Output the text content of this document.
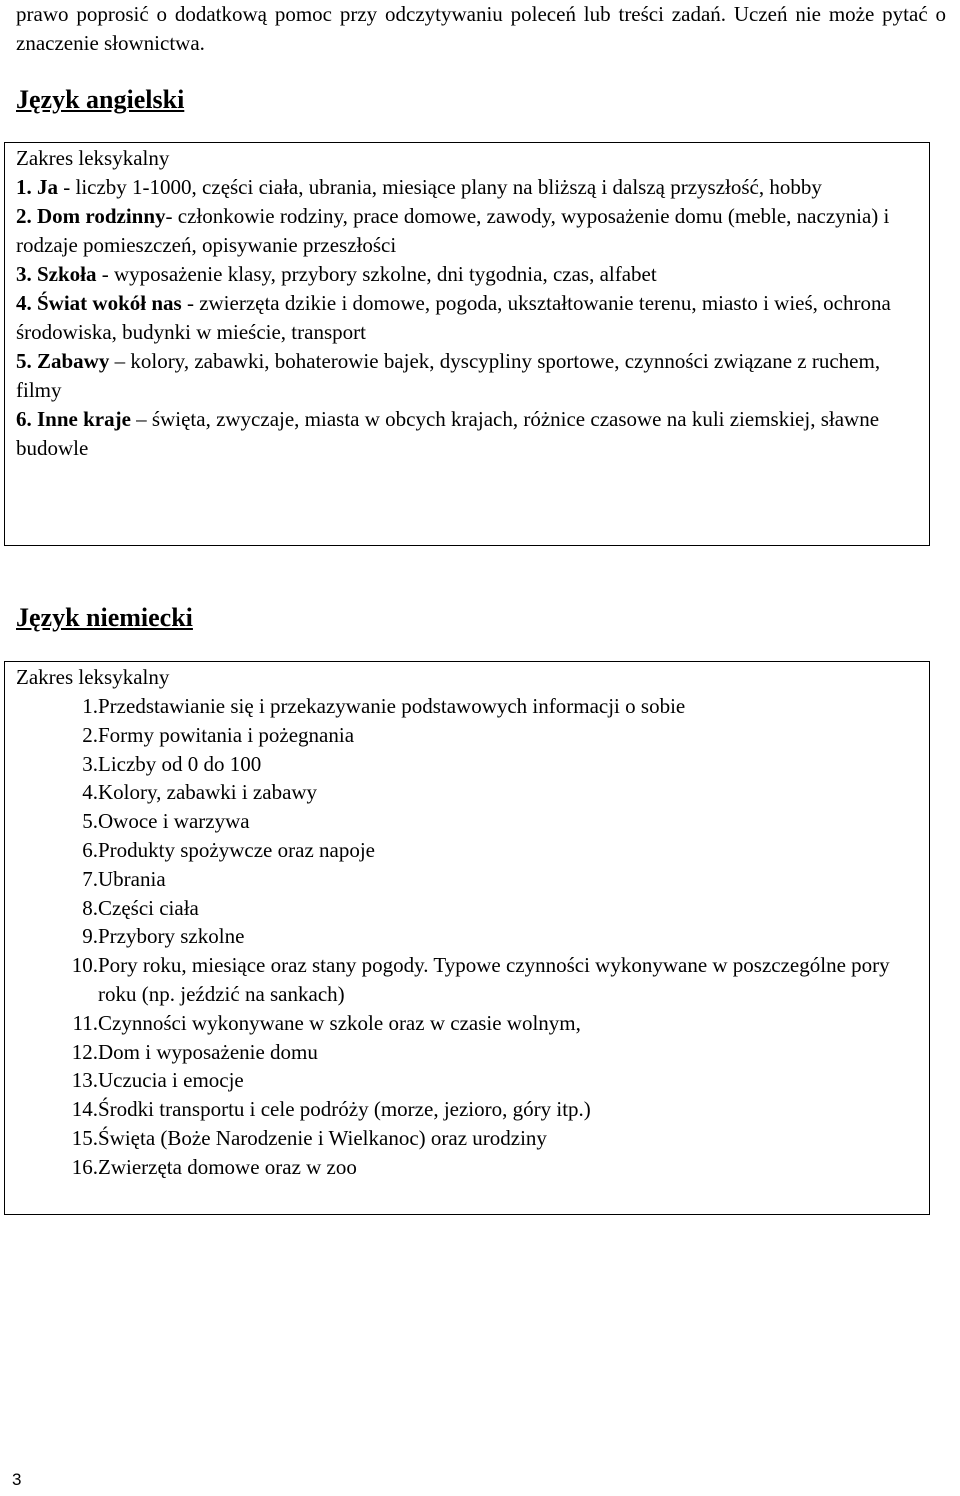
prawo poprosić o dodatkową pomoc przy odczytywaniu poleceń lub treści zadań. Uczeń nie może pytać o znaczenie słownictwa.

Język angielski
Zakres leksykalny
1. Ja - liczby 1-1000, części ciała, ubrania, miesiące plany na bliższą i dalszą przyszłość, hobby
2. Dom rodzinny- członkowie rodziny, prace domowe, zawody, wyposażenie domu (meble, naczynia) i rodzaje pomieszczeń, opisywanie przeszłości
3. Szkoła - wyposażenie klasy, przybory szkolne, dni tygodnia, czas, alfabet
4. Świat wokół nas - zwierzęta dzikie i domowe, pogoda, ukształtowanie terenu, miasto i wieś, ochrona środowiska, budynki w mieście, transport
5. Zabawy – kolory, zabawki, bohaterowie bajek, dyscypliny sportowe, czynności związane z ruchem, filmy
6. Inne kraje – święta, zwyczaje, miasta w obcych krajach, różnice czasowe na kuli ziemskiej, sławne budowle
Język niemiecki
Zakres leksykalny
1. Przedstawianie się i przekazywanie podstawowych informacji o sobie
2. Formy powitania i pożegnania
3. Liczby od 0 do 100
4. Kolory, zabawki i zabawy
5. Owoce i warzywa
6. Produkty spożywcze oraz napoje
7. Ubrania
8. Części ciała
9. Przybory szkolne
10. Pory roku, miesiące oraz stany pogody. Typowe czynności wykonywane w poszczególne pory roku (np. jeździć na sankach)
11. Czynności wykonywane w szkole oraz w czasie wolnym,
12. Dom i wyposażenie domu
13. Uczucia i emocje
14. Środki transportu i cele podróży (morze, jezioro, góry itp.)
15. Święta (Boże Narodzenie i Wielkanoc) oraz urodziny
16. Zwierzęta domowe oraz w zoo
3
